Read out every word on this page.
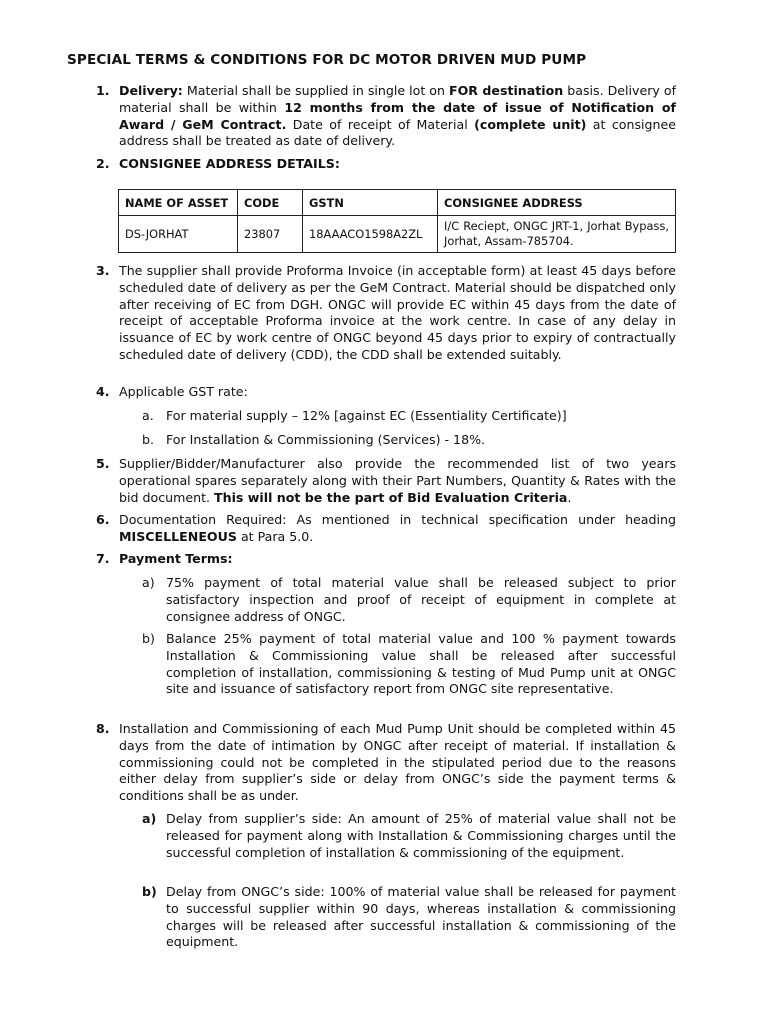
SPECIAL TERMS & CONDITIONS FOR DC MOTOR DRIVEN MUD PUMP
1. Delivery: Material shall be supplied in single lot on FOR destination basis. Delivery of material shall be within 12 months from the date of issue of Notification of Award / GeM Contract. Date of receipt of Material (complete unit) at consignee address shall be treated as date of delivery.
2. CONSIGNEE ADDRESS DETAILS:
NAME OF ASSET	CODE	GSTN	CONSIGNEE ADDRESS
DS-JORHAT	23807	18AAACO1598A2ZL	I/C Reciept, ONGC JRT-1, Jorhat Bypass, Jorhat, Assam-785704.
3. The supplier shall provide Proforma Invoice (in acceptable form) at least 45 days before scheduled date of delivery as per the GeM Contract. Material should be dispatched only after receiving of EC from DGH. ONGC will provide EC within 45 days from the date of receipt of acceptable Proforma invoice at the work centre. In case of any delay in issuance of EC by work centre of ONGC beyond 45 days prior to expiry of contractually scheduled date of delivery (CDD), the CDD shall be extended suitably.
4. Applicable GST rate:
a. For material supply – 12% [against EC (Essentiality Certificate)]
b. For Installation & Commissioning (Services) - 18%.
5. Supplier/Bidder/Manufacturer also provide the recommended list of two years operational spares separately along with their Part Numbers, Quantity & Rates with the bid document. This will not be the part of Bid Evaluation Criteria.
6. Documentation Required: As mentioned in technical specification under heading MISCELLENEOUS at Para 5.0.
7. Payment Terms:
a) 75% payment of total material value shall be released subject to prior satisfactory inspection and proof of receipt of equipment in complete at consignee address of ONGC.
b) Balance 25% payment of total material value and 100 % payment towards Installation & Commissioning value shall be released after successful completion of installation, commissioning & testing of Mud Pump unit at ONGC site and issuance of satisfactory report from ONGC site representative.
8. Installation and Commissioning of each Mud Pump Unit should be completed within 45 days from the date of intimation by ONGC after receipt of material. If installation & commissioning could not be completed in the stipulated period due to the reasons either delay from supplier’s side or delay from ONGC’s side the payment terms & conditions shall be as under.
a) Delay from supplier’s side: An amount of 25% of material value shall not be released for payment along with Installation & Commissioning charges until the successful completion of installation & commissioning of the equipment.
b) Delay from ONGC’s side: 100% of material value shall be released for payment to successful supplier within 90 days, whereas installation & commissioning charges will be released after successful installation & commissioning of the equipment.
